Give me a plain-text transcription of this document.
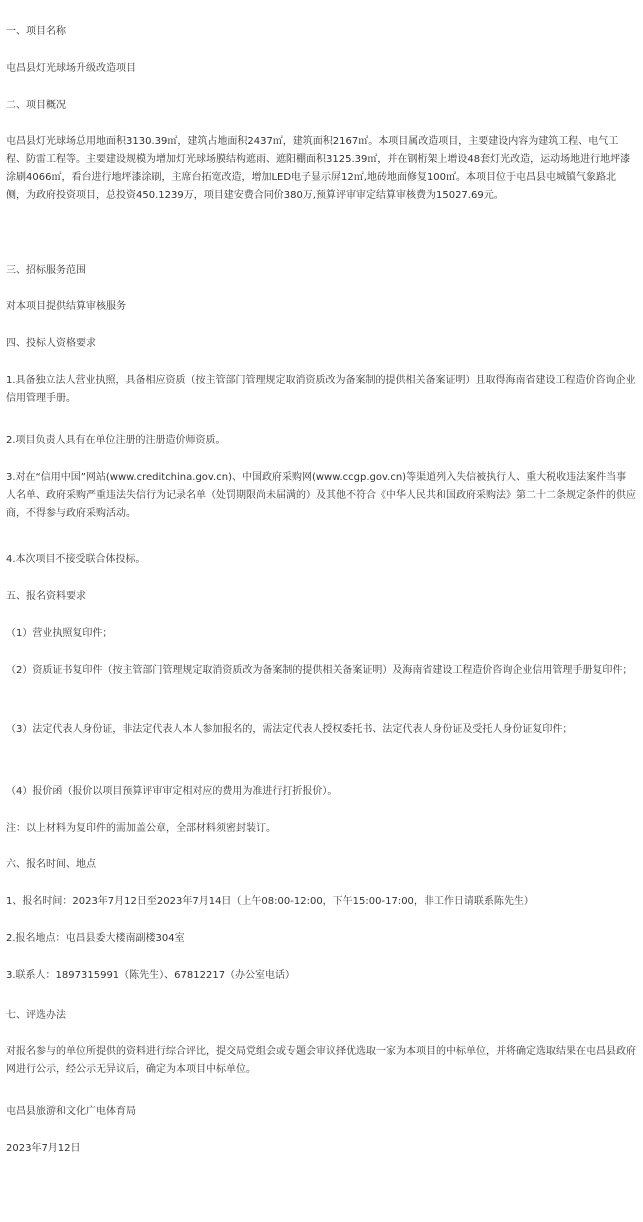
一、项目名称

屯昌县灯光球场升级改造项目

二、项目概况

屯昌县灯光球场总用地面积3130.39㎡，建筑占地面积2437㎡，建筑面积2167㎡。本项目属改造项目，主要建设内容为建筑工程、电气工程、防雷工程等。主要建设规模为增加灯光球场膜结构遮雨、遮阳棚面积3125.39㎡，并在钢桁架上增设48套灯光改造，运动场地进行地坪漆涂刷4066㎡，看台进行地坪漆涂刷，主席台拓宽改造，增加LED电子显示屏12㎡,地砖地面修复100㎡。本项目位于屯昌县屯城镇气象路北侧，为政府投资项目，总投资450.1239万，项目建安费合同价380万,预算评审审定结算审核费为15027.69元。

三、招标服务范围

对本项目提供结算审核服务

四、投标人资格要求

1.具备独立法人营业执照，具备相应资质（按主管部门管理规定取消资质改为备案制的提供相关备案证明）且取得海南省建设工程造价咨询企业信用管理手册。

2.项目负责人具有在单位注册的注册造价师资质。

3.对在“信用中国”网站(www.creditchina.gov.cn)、中国政府采购网(www.ccgp.gov.cn)等渠道列入失信被执行人、重大税收违法案件当事人名单、政府采购严重违法失信行为记录名单（处罚期限尚未届满的）及其他不符合《中华人民共和国政府采购法》第二十二条规定条件的供应商，不得参与政府采购活动。

4.本次项目不接受联合体投标。

五、报名资料要求

（1）营业执照复印件；

（2）资质证书复印件（按主管部门管理规定取消资质改为备案制的提供相关备案证明）及海南省建设工程造价咨询企业信用管理手册复印件；

（3）法定代表人身份证，非法定代表人本人参加报名的，需法定代表人授权委托书、法定代表人身份证及受托人身份证复印件；

（4）报价函（报价以项目预算评审审定相对应的费用为准进行打折报价）。

注：以上材料为复印件的需加盖公章，全部材料须密封装订。

六、报名时间、地点

1、报名时间：2023年7月12日至2023年7月14日（上午08:00-12:00，下午15:00-17:00，非工作日请联系陈先生）

2.报名地点：屯昌县委大楼南副楼304室

3.联系人：1897315991（陈先生）、67812217（办公室电话）

七、评选办法

对报名参与的单位所提供的资料进行综合评比，提交局党组会或专题会审议择优选取一家为本项目的中标单位，并将确定选取结果在屯昌县政府网进行公示，经公示无异议后，确定为本项目中标单位。

屯昌县旅游和文化广电体育局

2023年7月12日
